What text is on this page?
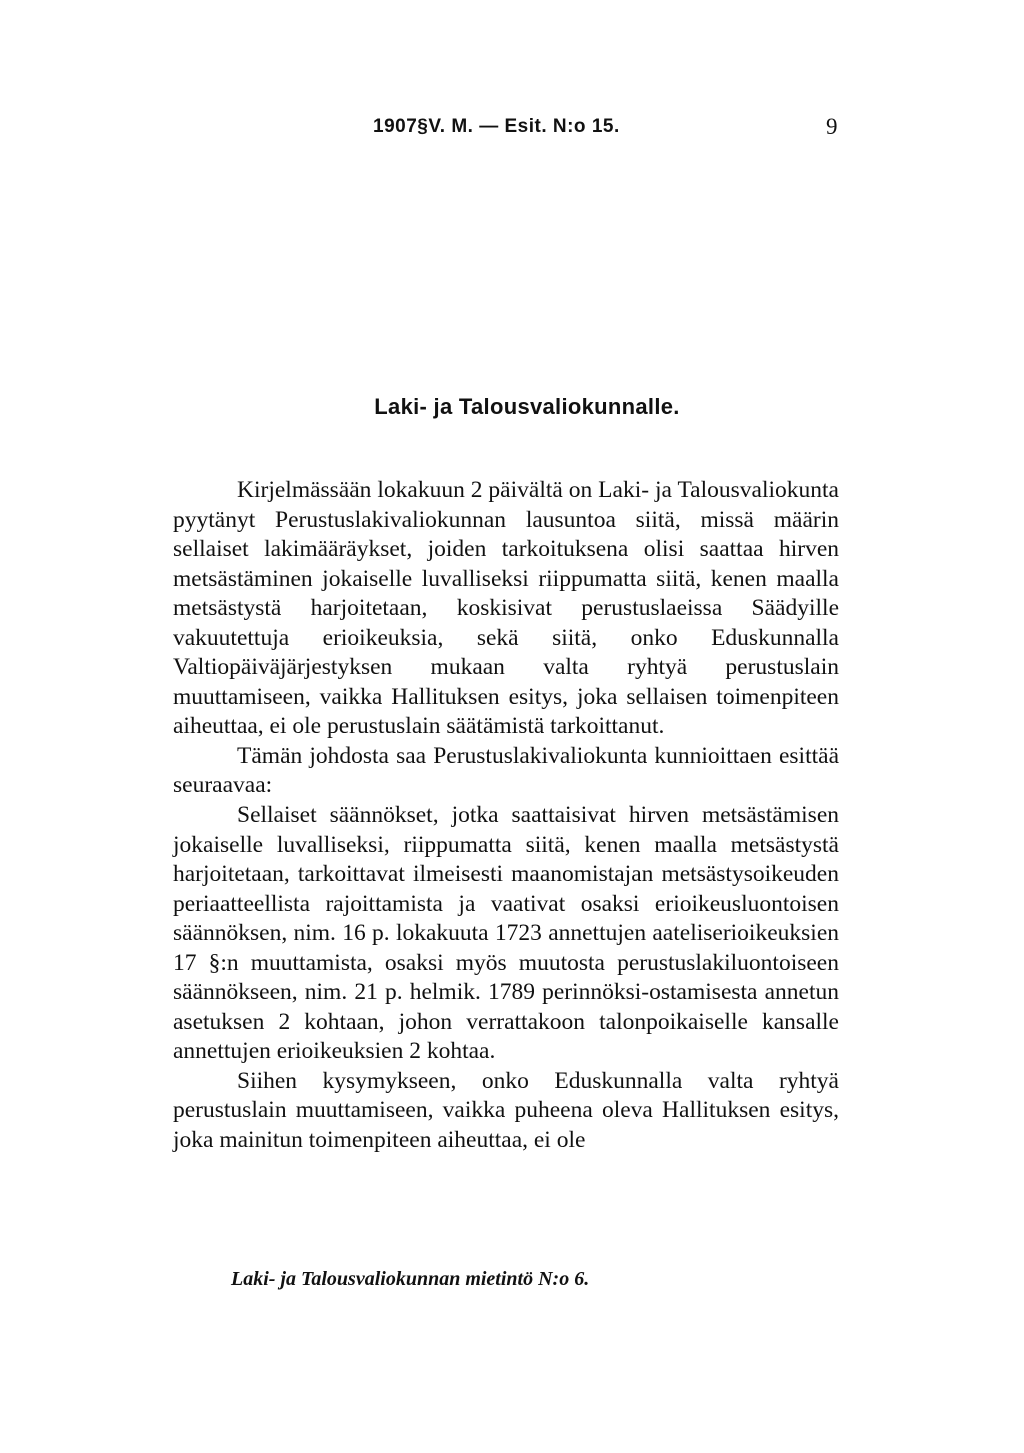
1907§V. M. — Esit. N:o 15.	9
Laki- ja Talousvaliokunnalle.

Kirjelmässään lokakuun 2 päivältä on Laki- ja Talousvaliokunta pyytänyt Perustuslakivaliokunnan lausuntoa siitä, missä määrin sellaiset lakimääräykset, joiden tarkoituksena olisi saattaa hirven metsästäminen jokaiselle luvalliseksi riippumatta siitä, kenen maalla metsästystä harjoitetaan, koskisivat perustuslaeissa Säädyille vakuutettuja erioikeuksia, sekä siitä, onko Eduskunnalla Valtiopäiväjärjestyksen mukaan valta ryhtyä perustuslain muuttamiseen, vaikka Hallituksen esitys, joka sellaisen toimenpiteen aiheuttaa, ei ole perustuslain säätämistä tarkoittanut.

Tämän johdosta saa Perustuslakivaliokunta kunnioittaen esittää seuraavaa:

Sellaiset säännökset, jotka saattaisivat hirven metsästämisen jokaiselle luvalliseksi, riippumatta siitä, kenen maalla metsästystä harjoitetaan, tarkoittavat ilmeisesti maanomistajan metsästysoikeuden periaatteellista rajoittamista ja vaativat osaksi erioikeusluontoisen säännöksen, nim. 16 p. lokakuuta 1723 annettujen aateliserioikeuksien 17 §:n muuttamista, osaksi myös muutosta perustuslakiluontoiseen säännökseen, nim. 21 p. helmik. 1789 perinnöksi-ostamisesta annetun asetuksen 2 kohtaan, johon verrattakoon talonpoikaiselle kansalle annettujen erioikeuksien 2 kohtaa.

Siihen kysymykseen, onko Eduskunnalla valta ryhtyä perustuslain muuttamiseen, vaikka puheena oleva Hallituksen esitys, joka mainitun toimenpiteen aiheuttaa, ei ole

Laki- ja Talousvaliokunnan mietintö N:o 6.
